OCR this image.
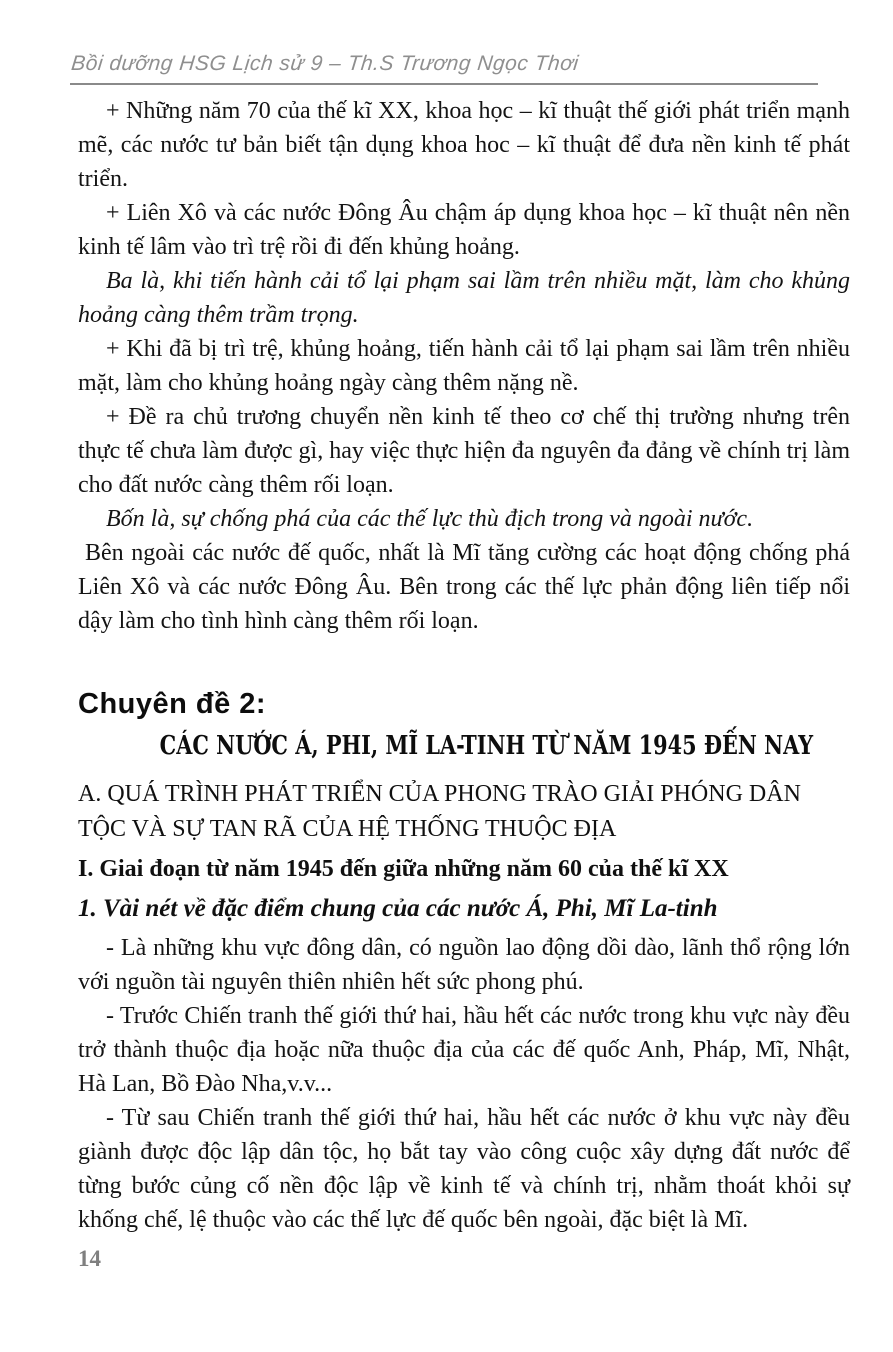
Bồi dưỡng HSG Lịch sử 9 – Th.S Trương Ngọc Thơi

+ Những năm 70 của thế kĩ XX, khoa học – kĩ thuật thế giới phát triển mạnh mẽ, các nước tư bản biết tận dụng khoa hoc – kĩ thuật để đưa nền kinh tế phát triển.

+ Liên Xô và các nước Đông Âu chậm áp dụng khoa học – kĩ thuật nên nền kinh tế lâm vào trì trệ rồi đi đến khủng hoảng.

Ba là, khi tiến hành cải tổ lại phạm sai lầm trên nhiều mặt, làm cho khủng hoảng càng thêm trầm trọng.

+ Khi đã bị trì trệ, khủng hoảng, tiến hành cải tổ lại phạm sai lầm trên nhiều mặt, làm cho khủng hoảng ngày càng thêm nặng nề.

+ Đề ra chủ trương chuyển nền kinh tế theo cơ chế thị trường nhưng trên thực tế chưa làm được gì, hay việc thực hiện đa nguyên đa đảng về chính trị làm cho đất nước càng thêm rối loạn.

Bốn là, sự chống phá của các thế lực thù địch trong và ngoài nước.

Bên ngoài các nước đế quốc, nhất là Mĩ tăng cường các hoạt động chống phá Liên Xô và các nước Đông Âu. Bên trong các thế lực phản động liên tiếp nổi dậy làm cho tình hình càng thêm rối loạn.

Chuyên đề 2:
CÁC NƯỚC Á, PHI, MĨ LA-TINH TỪ NĂM 1945 ĐẾN NAY
A. QUÁ TRÌNH PHÁT TRIỂN CỦA PHONG TRÀO GIẢI PHÓNG DÂN TỘC VÀ SỰ TAN RÃ CỦA HỆ THỐNG THUỘC ĐỊA
I. Giai đoạn từ năm 1945 đến giữa những năm 60 của thế kĩ XX
1. Vài nét về đặc điểm chung của các nước Á, Phi, Mĩ La-tinh

- Là những khu vực đông dân, có nguồn lao động dồi dào, lãnh thổ rộng lớn với nguồn tài nguyên thiên nhiên hết sức phong phú.

- Trước Chiến tranh thế giới thứ hai, hầu hết các nước trong khu vực này đều trở thành thuộc địa hoặc nữa thuộc địa của các đế quốc Anh, Pháp, Mĩ, Nhật, Hà Lan, Bồ Đào Nha,v.v...

- Từ sau Chiến tranh thế giới thứ hai, hầu hết các nước ở khu vực này đều giành được độc lập dân tộc, họ bắt tay vào công cuộc xây dựng đất nước để từng bước củng cố nền độc lập về kinh tế và chính trị, nhằm thoát khỏi sự khống chế, lệ thuộc vào các thế lực đế quốc bên ngoài, đặc biệt là Mĩ.

14
